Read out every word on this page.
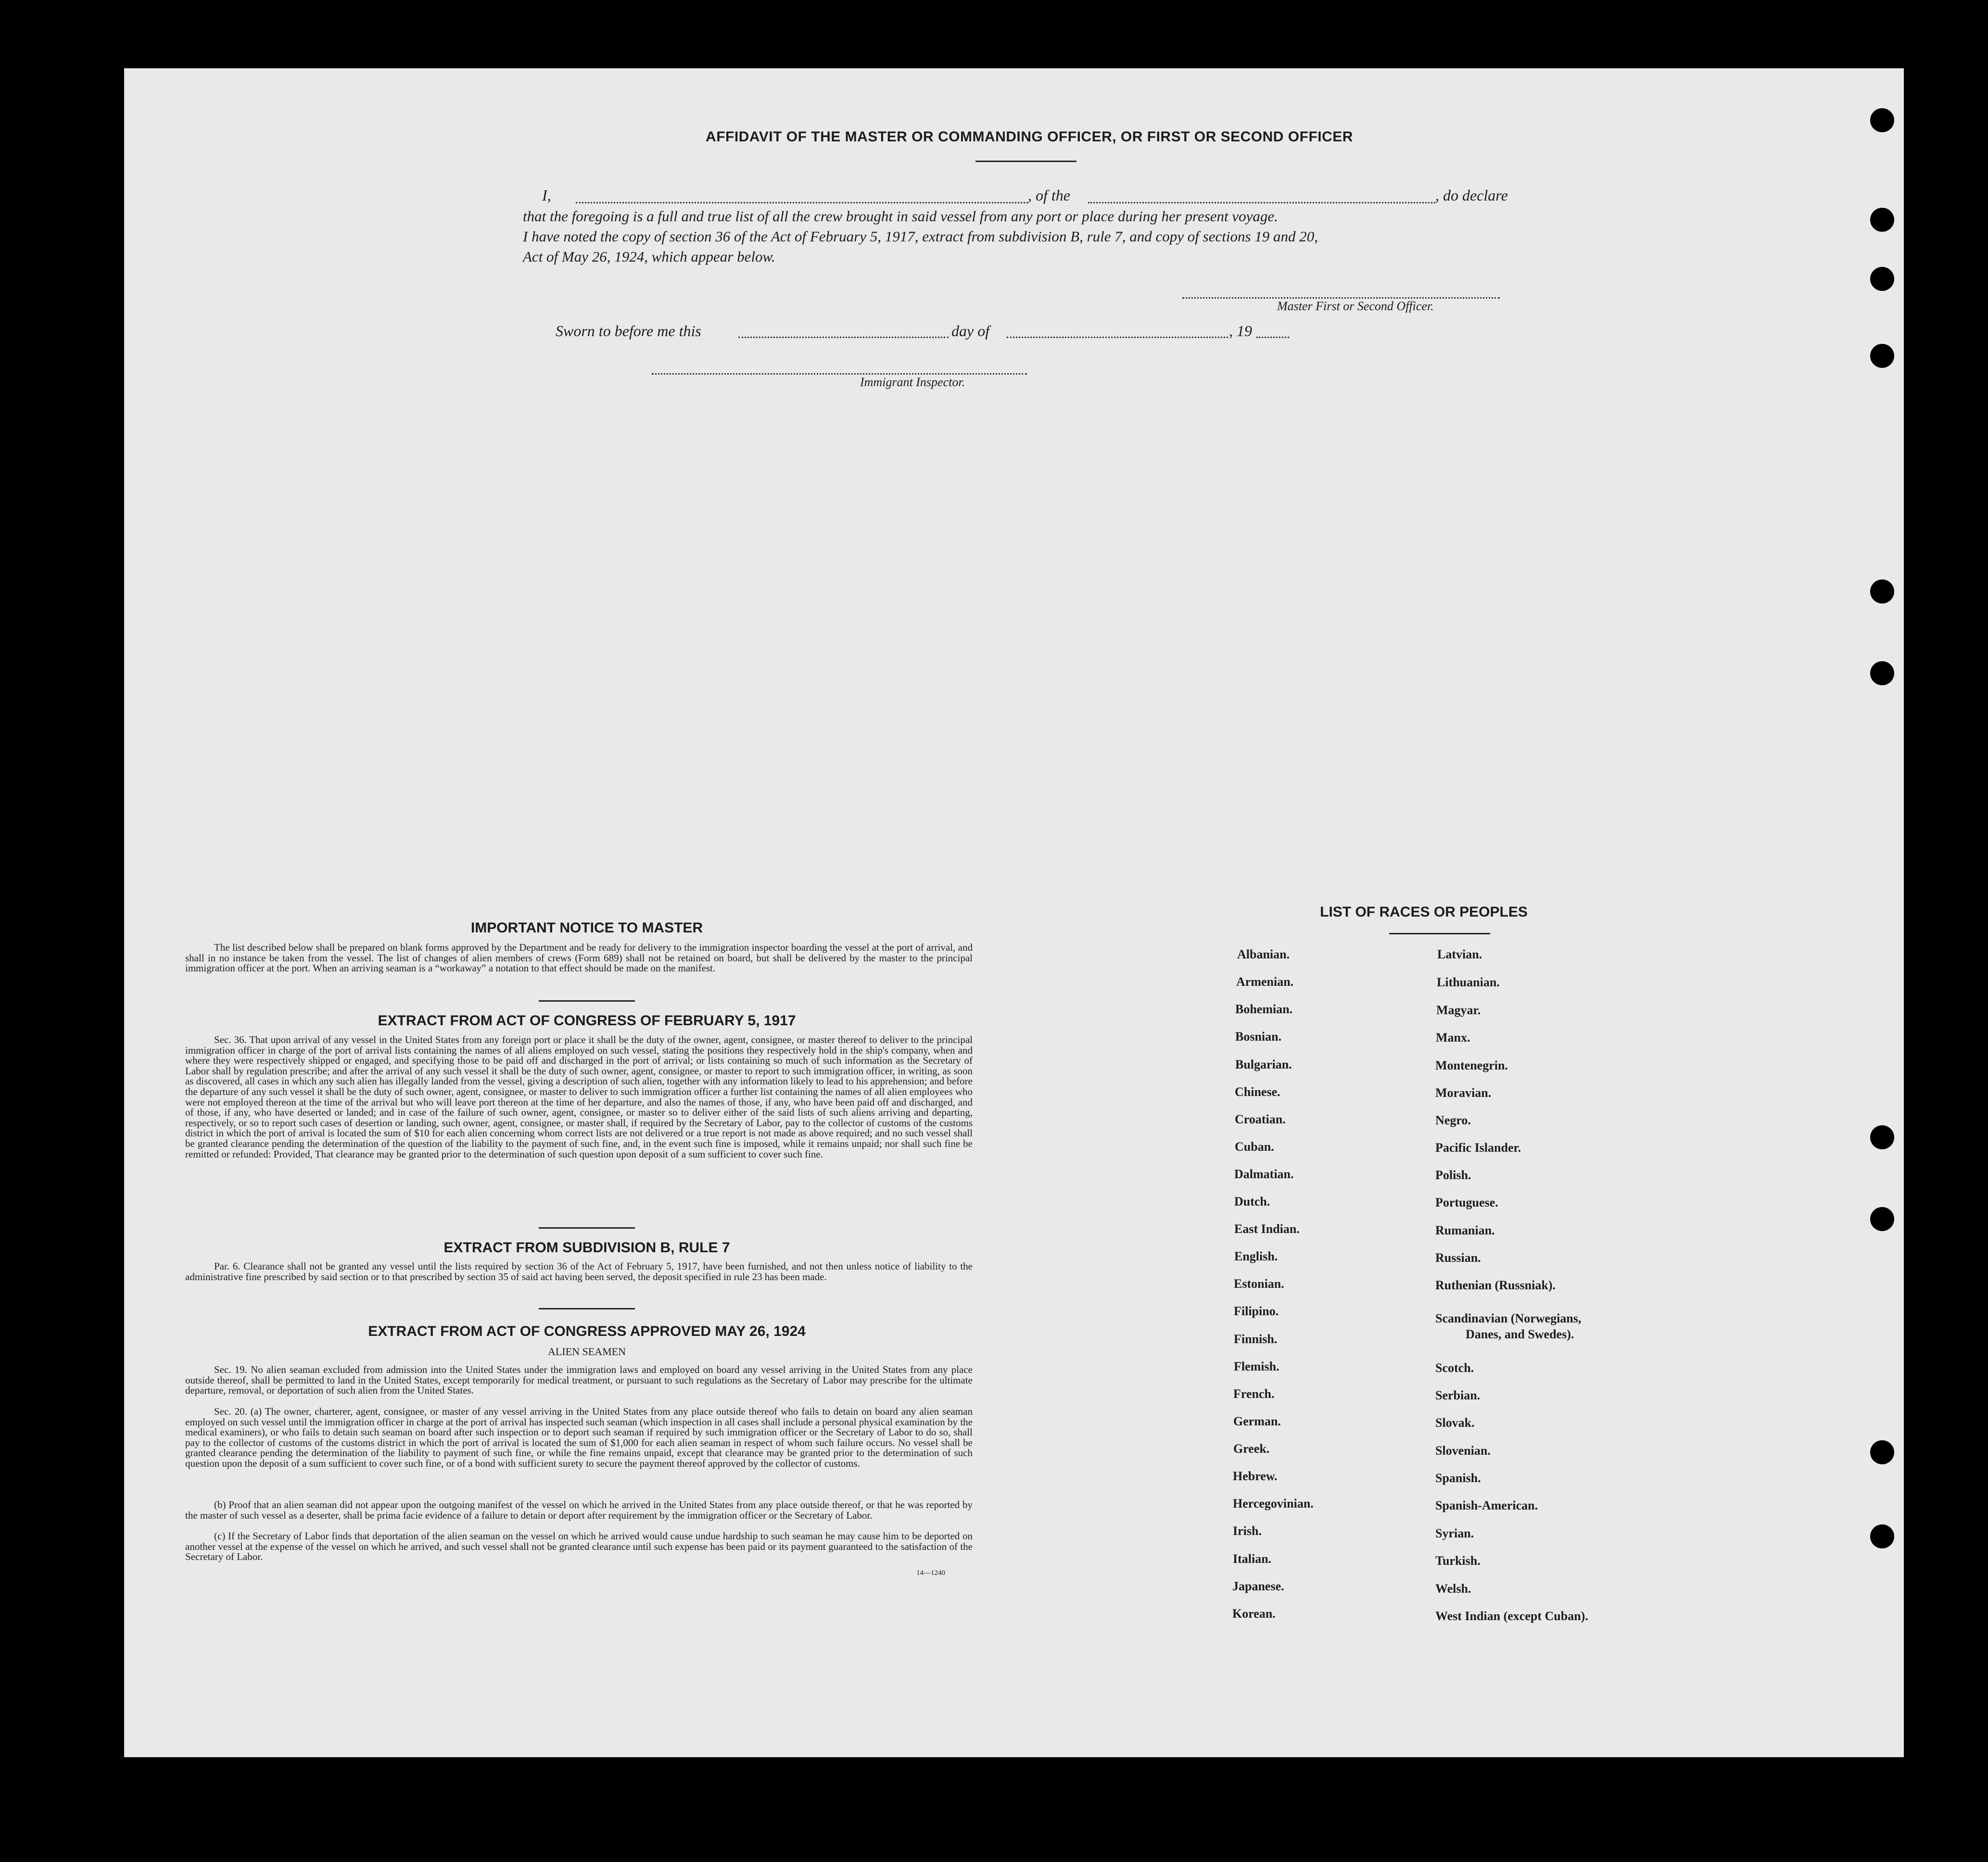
AFFIDAVIT OF THE MASTER OR COMMANDING OFFICER, OR FIRST OR SECOND OFFICER
I,	, of the	, do declare
that the foregoing is a full and true list of all the crew brought in said vessel from any port or place during her present voyage.
I have noted the copy of section 36 of the Act of February 5, 1917, extract from subdivision B, rule 7, and copy of sections 19 and 20,
Act of May 26, 1924, which appear below.
Master First or Second Officer.
Sworn to before me this	day of	, 19
Immigrant Inspector.
IMPORTANT NOTICE TO MASTER
The list described below shall be prepared on blank forms approved by the Department and be ready for delivery to the immigration inspector boarding the vessel at the port of arrival, and shall in no instance be taken from the vessel. The list of changes of alien members of crews (Form 689) shall not be retained on board, but shall be delivered by the master to the principal immigration officer at the port. When an arriving seaman is a “workaway” a notation to that effect should be made on the manifest.
EXTRACT FROM ACT OF CONGRESS OF FEBRUARY 5, 1917
Sec. 36. That upon arrival of any vessel in the United States from any foreign port or place it shall be the duty of the owner, agent, consignee, or master thereof to deliver to the principal immigration officer in charge of the port of arrival lists containing the names of all aliens employed on such vessel, stating the positions they respectively hold in the ship's company, when and where they were respectively shipped or engaged, and specifying those to be paid off and discharged in the port of arrival; or lists containing so much of such information as the Secretary of Labor shall by regulation prescribe; and after the arrival of any such vessel it shall be the duty of such owner, agent, consignee, or master to report to such immigration officer, in writing, as soon as discovered, all cases in which any such alien has illegally landed from the vessel, giving a description of such alien, together with any information likely to lead to his apprehension; and before the departure of any such vessel it shall be the duty of such owner, agent, consignee, or master to deliver to such immigration officer a further list containing the names of all alien employees who were not employed thereon at the time of the arrival but who will leave port thereon at the time of her departure, and also the names of those, if any, who have been paid off and discharged, and of those, if any, who have deserted or landed; and in case of the failure of such owner, agent, consignee, or master so to deliver either of the said lists of such aliens arriving and departing, respectively, or so to report such cases of desertion or landing, such owner, agent, consignee, or master shall, if required by the Secretary of Labor, pay to the collector of customs of the customs district in which the port of arrival is located the sum of $10 for each alien concerning whom correct lists are not delivered or a true report is not made as above required; and no such vessel shall be granted clearance pending the determination of the question of the liability to the payment of such fine, and, in the event such fine is imposed, while it remains unpaid; nor shall such fine be remitted or refunded: Provided, That clearance may be granted prior to the determination of such question upon deposit of a sum sufficient to cover such fine.
EXTRACT FROM SUBDIVISION B, RULE 7
Par. 6. Clearance shall not be granted any vessel until the lists required by section 36 of the Act of February 5, 1917, have been furnished, and not then unless notice of liability to the administrative fine prescribed by said section or to that prescribed by section 35 of said act having been served, the deposit specified in rule 23 has been made.
EXTRACT FROM ACT OF CONGRESS APPROVED MAY 26, 1924
ALIEN SEAMEN
Sec. 19. No alien seaman excluded from admission into the United States under the immigration laws and employed on board any vessel arriving in the United States from any place outside thereof, shall be permitted to land in the United States, except temporarily for medical treatment, or pursuant to such regulations as the Secretary of Labor may prescribe for the ultimate departure, removal, or deportation of such alien from the United States.
Sec. 20. (a) The owner, charterer, agent, consignee, or master of any vessel arriving in the United States from any place outside thereof who fails to detain on board any alien seaman employed on such vessel until the immigration officer in charge at the port of arrival has inspected such seaman (which inspection in all cases shall include a personal physical examination by the medical examiners), or who fails to detain such seaman on board after such inspection or to deport such seaman if required by such immigration officer or the Secretary of Labor to do so, shall pay to the collector of customs of the customs district in which the port of arrival is located the sum of $1,000 for each alien seaman in respect of whom such failure occurs. No vessel shall be granted clearance pending the determination of the liability to payment of such fine, or while the fine remains unpaid, except that clearance may be granted prior to the determination of such question upon the deposit of a sum sufficient to cover such fine, or of a bond with sufficient surety to secure the payment thereof approved by the collector of customs.
(b) Proof that an alien seaman did not appear upon the outgoing manifest of the vessel on which he arrived in the United States from any place outside thereof, or that he was reported by the master of such vessel as a deserter, shall be prima facie evidence of a failure to detain or deport after requirement by the immigration officer or the Secretary of Labor.
(c) If the Secretary of Labor finds that deportation of the alien seaman on the vessel on which he arrived would cause undue hardship to such seaman he may cause him to be deported on another vessel at the expense of the vessel on which he arrived, and such vessel shall not be granted clearance until such expense has been paid or its payment guaranteed to the satisfaction of the Secretary of Labor.
14—1240
LIST OF RACES OR PEOPLES
Albanian.
Armenian.
Bohemian.
Bosnian.
Bulgarian.
Chinese.
Croatian.
Cuban.
Dalmatian.
Dutch.
East Indian.
English.
Estonian.
Filipino.
Finnish.
Flemish.
French.
German.
Greek.
Hebrew.
Hercegovinian.
Irish.
Italian.
Japanese.
Korean.
Latvian.
Lithuanian.
Magyar.
Manx.
Montenegrin.
Moravian.
Negro.
Pacific Islander.
Polish.
Portuguese.
Rumanian.
Russian.
Ruthenian (Russniak).
Scandinavian (Norwegians,
Danes, and Swedes).
Scotch.
Serbian.
Slovak.
Slovenian.
Spanish.
Spanish-American.
Syrian.
Turkish.
Welsh.
West Indian (except Cuban).
